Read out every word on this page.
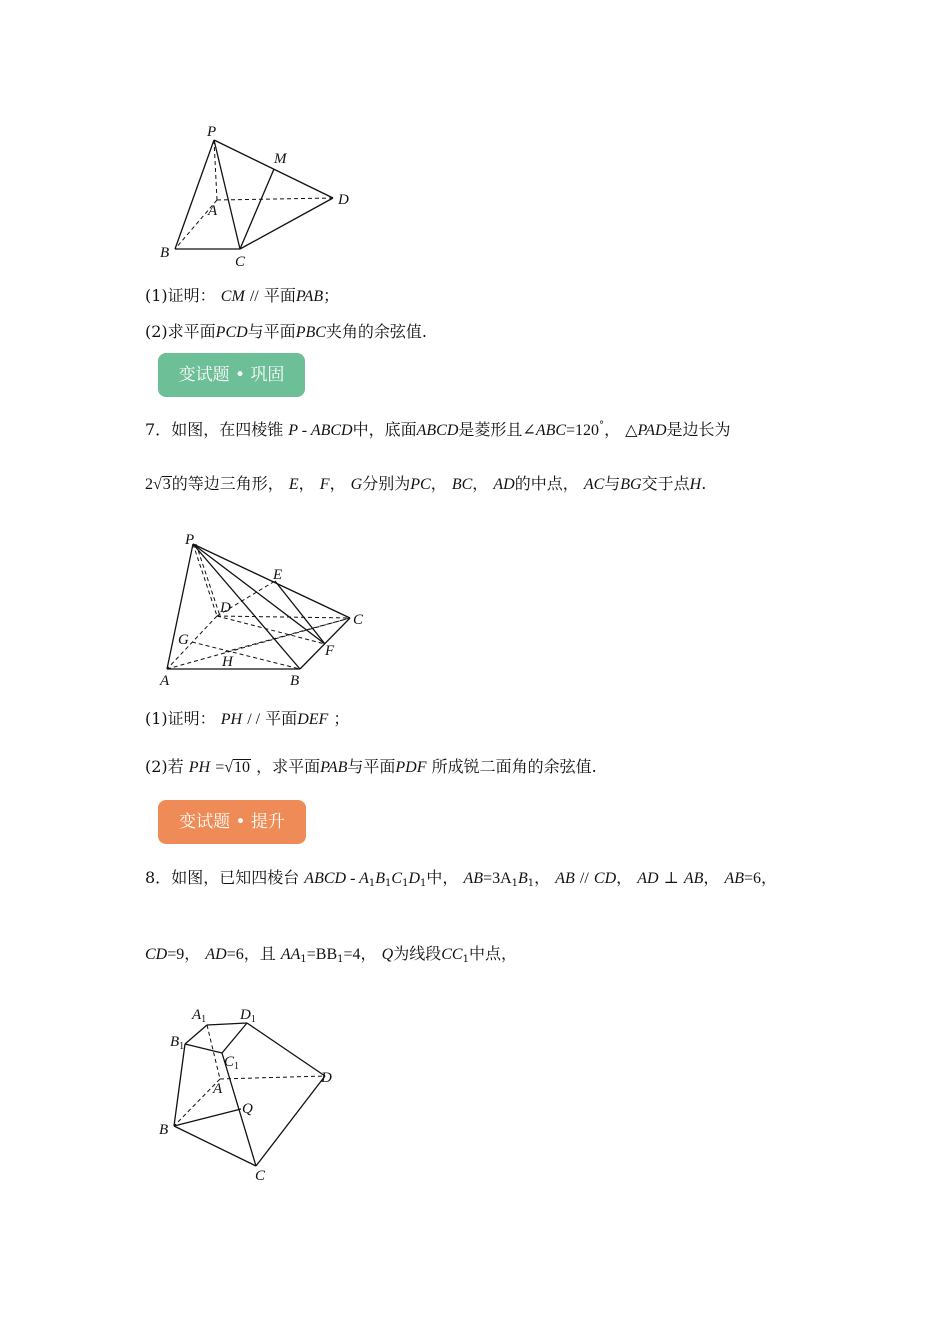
P
M
A
D
B
C
(1)证明： CM // 平面PAB；
(2)求平面PCD与平面PBC夹角的余弦值.
变试题 • 巩固
7．如图，在四棱锥 P - ABCD中，底面ABCD是菱形且∠ABC=120°， △PAD是边长为
2√3的等边三角形， E， F， G分别为PC， BC， AD的中点， AC与BG交于点H.
P
E
D
C
G
F
H
A	B
(1)证明： PH / / 平面DEF ；
(2)若 PH =√10 ，求平面PAB与平面PDF 所成锐二面角的余弦值.
变试题 • 提升
8．如图，已知四棱台 ABCD - $A_1B_1C_1D_1$中， $AB=3A_1B_1$， AB // CD， AD ⊥ AB， AB=6，
CD=9， AD=6，且 $AA_1=BB_1=4$， Q为线段$CC_1$中点，
$A_1$ $D_1$
$B_1$
$C_1$
A
Q
D
B
C
